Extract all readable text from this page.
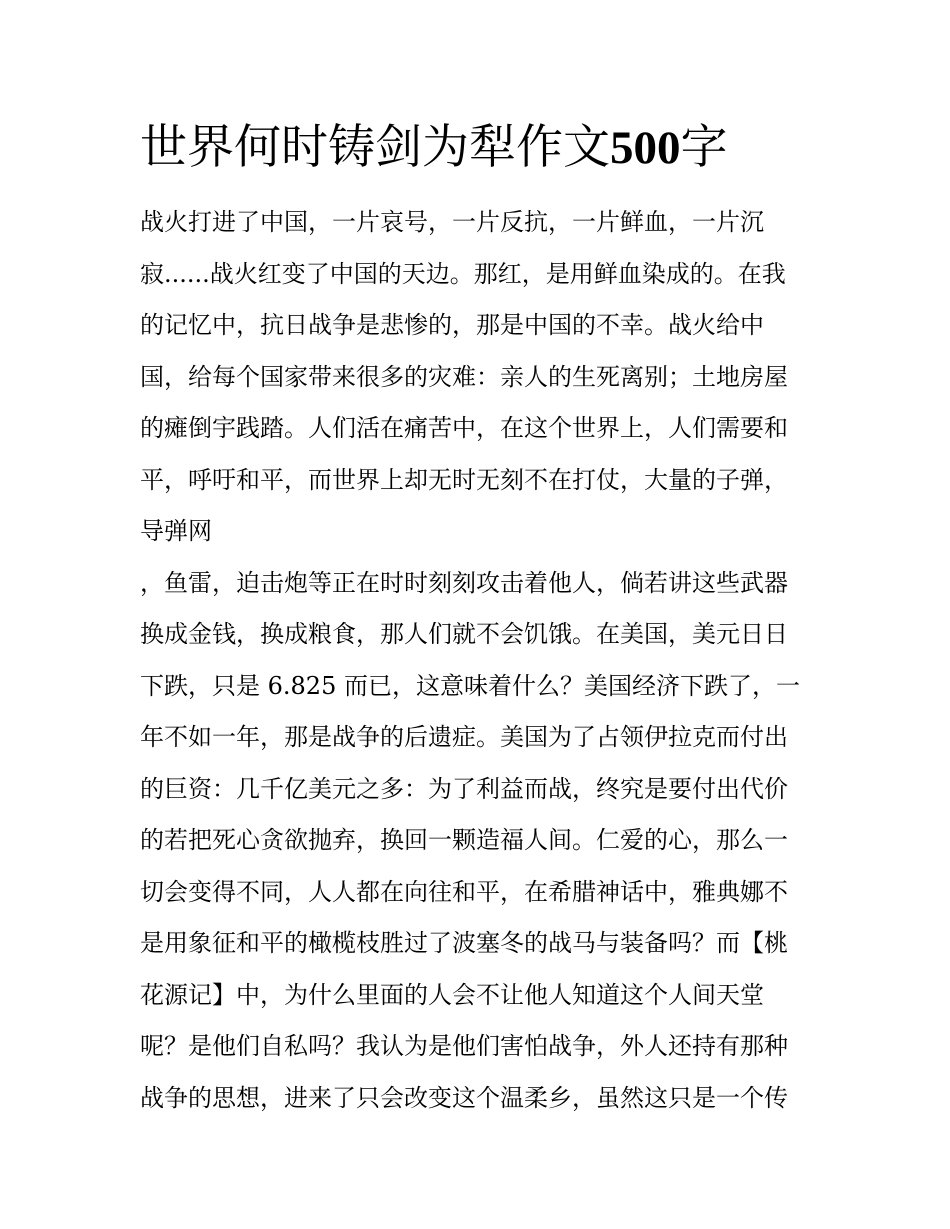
世界何时铸剑为犁作文500字
战火打进了中国，一片哀号，一片反抗，一片鲜血，一片沉
寂......战火红变了中国的天边。那红，是用鲜血染成的。在我
的记忆中，抗日战争是悲惨的，那是中国的不幸。战火给中
国，给每个国家带来很多的灾难：亲人的生死离别；土地房屋
的瘫倒宇践踏。人们活在痛苦中，在这个世界上，人们需要和
平，呼吁和平，而世界上却无时无刻不在打仗，大量的子弹，
导弹网
，鱼雷，迫击炮等正在时时刻刻攻击着他人，倘若讲这些武器
换成金钱，换成粮食，那人们就不会饥饿。在美国，美元日日
下跌，只是 6.825 而已，这意味着什么？美国经济下跌了，一
年不如一年，那是战争的后遗症。美国为了占领伊拉克而付出
的巨资：几千亿美元之多：为了利益而战，终究是要付出代价
的若把死心贪欲抛弃，换回一颗造福人间。仁爱的心，那么一
切会变得不同，人人都在向往和平，在希腊神话中，雅典娜不
是用象征和平的橄榄枝胜过了波塞冬的战马与装备吗？而【桃
花源记】中，为什么里面的人会不让他人知道这个人间天堂
呢？是他们自私吗？我认为是他们害怕战争，外人还持有那种
战争的思想，进来了只会改变这个温柔乡，虽然这只是一个传
